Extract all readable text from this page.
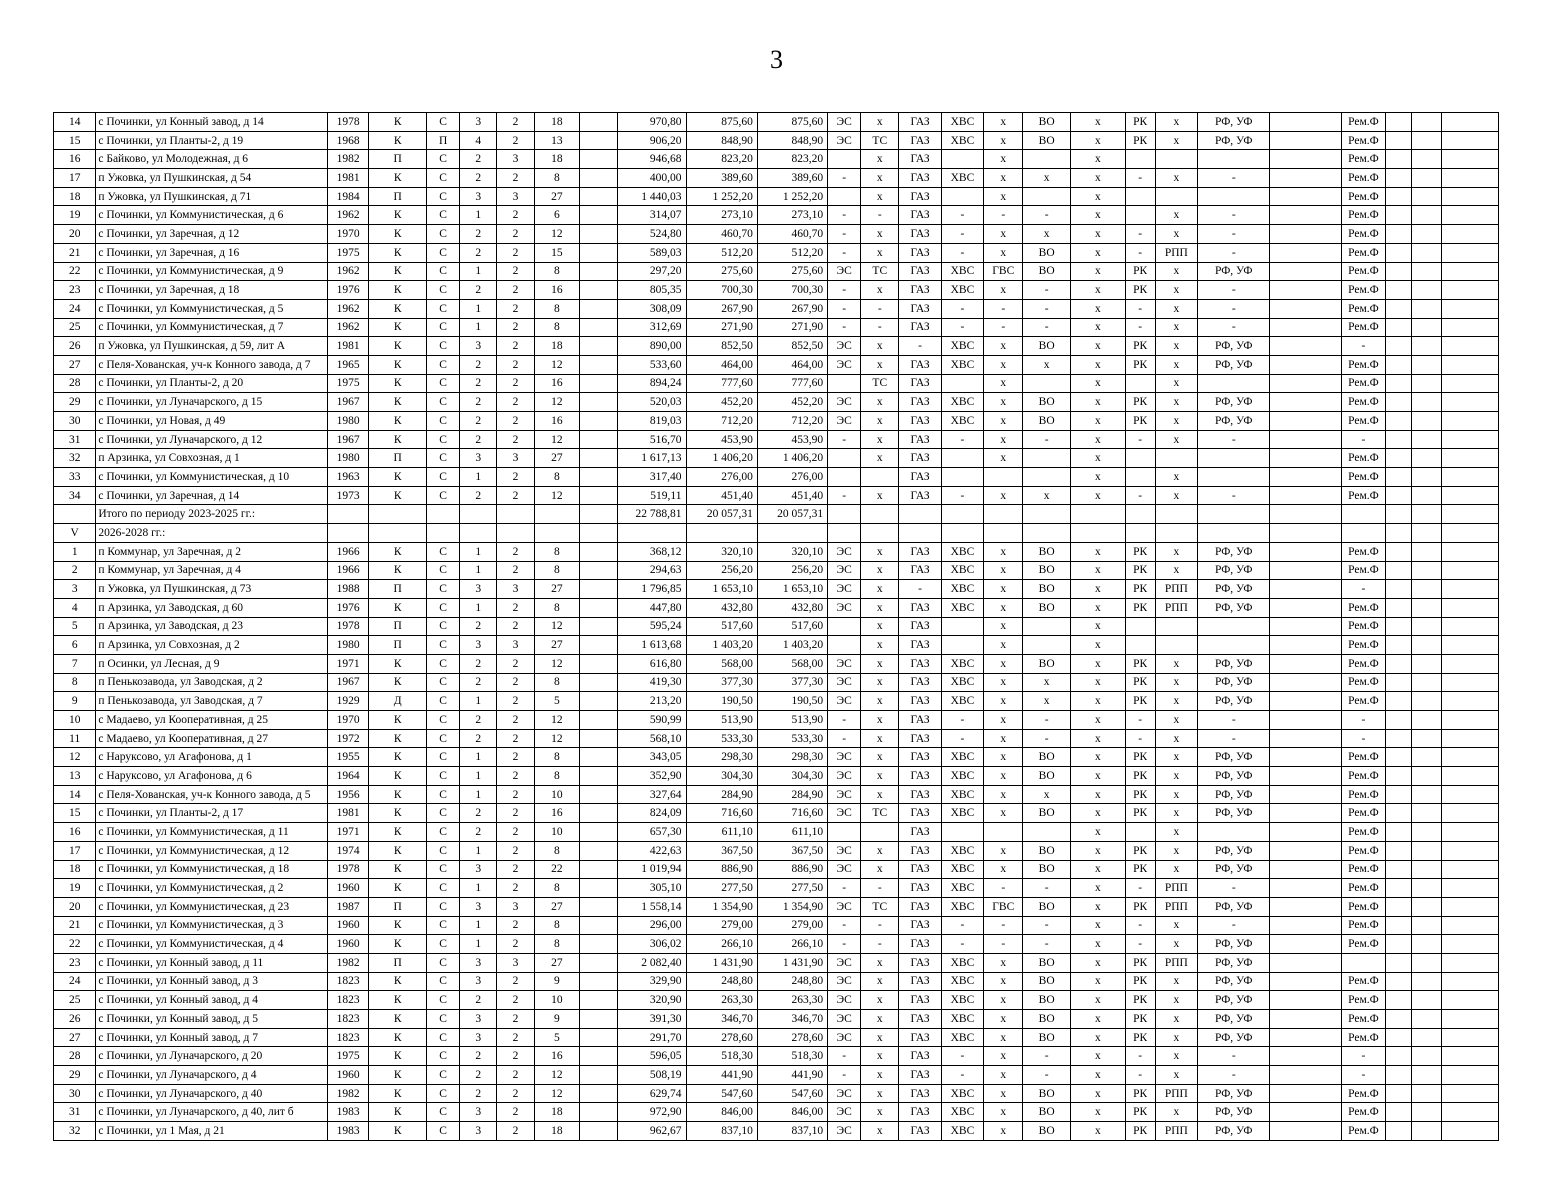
3
14	с Починки, ул Конный завод, д 14	1978	К	С	3	2	18		970,80	875,60	875,60	ЭС	х	ГАЗ	ХВС	х	ВО	х	РК	х	РФ, УФ		Рем.Ф			
15	с Починки, ул Планты-2, д 19	1968	К	П	4	2	13		906,20	848,90	848,90	ЭС	ТС	ГАЗ	ХВС	х	ВО	х	РК	х	РФ, УФ		Рем.Ф			
16	с Байково, ул Молодежная, д 6	1982	П	С	2	3	18		946,68	823,20	823,20		х	ГАЗ		х		х					Рем.Ф			
17	п Ужовка, ул Пушкинская, д 54	1981	К	С	2	2	8		400,00	389,60	389,60	-	х	ГАЗ	ХВС	х	х	х	-	х	-		Рем.Ф			
18	п Ужовка, ул Пушкинская, д 71	1984	П	С	3	3	27		1 440,03	1 252,20	1 252,20		х	ГАЗ		х		х					Рем.Ф			
19	с Починки, ул Коммунистическая, д 6	1962	К	С	1	2	6		314,07	273,10	273,10	-	-	ГАЗ	-	-	-	х		х	-		Рем.Ф			
20	с Починки, ул Заречная, д 12	1970	К	С	2	2	12		524,80	460,70	460,70	-	х	ГАЗ	-	х	х	х	-	х	-		Рем.Ф			
21	с Починки, ул Заречная, д 16	1975	К	С	2	2	15		589,03	512,20	512,20	-	х	ГАЗ	-	х	ВО	х	-	РПП	-		Рем.Ф			
22	с Починки, ул Коммунистическая, д 9	1962	К	С	1	2	8		297,20	275,60	275,60	ЭС	ТС	ГАЗ	ХВС	ГВС	ВО	х	РК	х	РФ, УФ		Рем.Ф			
23	с Починки, ул Заречная, д 18	1976	К	С	2	2	16		805,35	700,30	700,30	-	х	ГАЗ	ХВС	х	-	х	РК	х	-		Рем.Ф			
24	с Починки, ул Коммунистическая, д 5	1962	К	С	1	2	8		308,09	267,90	267,90	-	-	ГАЗ	-	-	-	х	-	х	-		Рем.Ф			
25	с Починки, ул Коммунистическая, д 7	1962	К	С	1	2	8		312,69	271,90	271,90	-	-	ГАЗ	-	-	-	х	-	х	-		Рем.Ф			
26	п Ужовка, ул Пушкинская, д 59, лит А	1981	К	С	3	2	18		890,00	852,50	852,50	ЭС	х	-	ХВС	х	ВО	х	РК	х	РФ, УФ		-			
27	с Пеля-Хованская, уч-к Конного завода, д 7	1965	К	С	2	2	12		533,60	464,00	464,00	ЭС	х	ГАЗ	ХВС	х	х	х	РК	х	РФ, УФ		Рем.Ф			
28	с Починки, ул Планты-2, д 20	1975	К	С	2	2	16		894,24	777,60	777,60		ТС	ГАЗ		х		х		х			Рем.Ф			
29	с Починки, ул Луначарского, д 15	1967	К	С	2	2	12		520,03	452,20	452,20	ЭС	х	ГАЗ	ХВС	х	ВО	х	РК	х	РФ, УФ		Рем.Ф			
30	с Починки, ул Новая, д 49	1980	К	С	2	2	16		819,03	712,20	712,20	ЭС	х	ГАЗ	ХВС	х	ВО	х	РК	х	РФ, УФ		Рем.Ф			
31	с Починки, ул Луначарского, д 12	1967	К	С	2	2	12		516,70	453,90	453,90	-	х	ГАЗ	-	х	-	х	-	х	-		-			
32	п Арзинка, ул Совхозная, д 1	1980	П	С	3	3	27		1 617,13	1 406,20	1 406,20		х	ГАЗ		х		х					Рем.Ф			
33	с Починки, ул Коммунистическая, д 10	1963	К	С	1	2	8		317,40	276,00	276,00			ГАЗ				х		х			Рем.Ф			
34	с Починки, ул Заречная, д 14	1973	К	С	2	2	12		519,11	451,40	451,40	-	х	ГАЗ	-	х	х	х	-	х	-		Рем.Ф			
	Итого по периоду 2023-2025 гг.:								22 788,81	20 057,31	20 057,31															
V	2026-2028 гг.:																									
1	п Коммунар, ул Заречная, д 2	1966	К	С	1	2	8		368,12	320,10	320,10	ЭС	х	ГАЗ	ХВС	х	ВО	х	РК	х	РФ, УФ		Рем.Ф			
2	п Коммунар, ул Заречная, д 4	1966	К	С	1	2	8		294,63	256,20	256,20	ЭС	х	ГАЗ	ХВС	х	ВО	х	РК	х	РФ, УФ		Рем.Ф			
3	п Ужовка, ул Пушкинская, д 73	1988	П	С	3	3	27		1 796,85	1 653,10	1 653,10	ЭС	х	-	ХВС	х	ВО	х	РК	РПП	РФ, УФ		-			
4	п Арзинка, ул Заводская, д 60	1976	К	С	1	2	8		447,80	432,80	432,80	ЭС	х	ГАЗ	ХВС	х	ВО	х	РК	РПП	РФ, УФ		Рем.Ф			
5	п Арзинка, ул Заводская, д 23	1978	П	С	2	2	12		595,24	517,60	517,60		х	ГАЗ		х		х					Рем.Ф			
6	п Арзинка, ул Совхозная, д 2	1980	П	С	3	3	27		1 613,68	1 403,20	1 403,20		х	ГАЗ		х		х					Рем.Ф			
7	п Осинки, ул Лесная, д 9	1971	К	С	2	2	12		616,80	568,00	568,00	ЭС	х	ГАЗ	ХВС	х	ВО	х	РК	х	РФ, УФ		Рем.Ф			
8	п Пенькозавода, ул Заводская, д 2	1967	К	С	2	2	8		419,30	377,30	377,30	ЭС	х	ГАЗ	ХВС	х	х	х	РК	х	РФ, УФ		Рем.Ф			
9	п Пенькозавода, ул Заводская, д 7	1929	Д	С	1	2	5		213,20	190,50	190,50	ЭС	х	ГАЗ	ХВС	х	х	х	РК	х	РФ, УФ		Рем.Ф			
10	с Мадаево, ул Кооперативная, д 25	1970	К	С	2	2	12		590,99	513,90	513,90	-	х	ГАЗ	-	х	-	х	-	х	-		-			
11	с Мадаево, ул Кооперативная, д 27	1972	К	С	2	2	12		568,10	533,30	533,30	-	х	ГАЗ	-	х	-	х	-	х	-		-			
12	с Наруксово, ул Агафонова, д 1	1955	К	С	1	2	8		343,05	298,30	298,30	ЭС	х	ГАЗ	ХВС	х	ВО	х	РК	х	РФ, УФ		Рем.Ф			
13	с Наруксово, ул Агафонова, д 6	1964	К	С	1	2	8		352,90	304,30	304,30	ЭС	х	ГАЗ	ХВС	х	ВО	х	РК	х	РФ, УФ		Рем.Ф			
14	с Пеля-Хованская, уч-к Конного завода, д 5	1956	К	С	1	2	10		327,64	284,90	284,90	ЭС	х	ГАЗ	ХВС	х	х	х	РК	х	РФ, УФ		Рем.Ф			
15	с Починки, ул Планты-2, д 17	1981	К	С	2	2	16		824,09	716,60	716,60	ЭС	ТС	ГАЗ	ХВС	х	ВО	х	РК	х	РФ, УФ		Рем.Ф			
16	с Починки, ул Коммунистическая, д 11	1971	К	С	2	2	10		657,30	611,10	611,10			ГАЗ				х		х			Рем.Ф			
17	с Починки, ул Коммунистическая, д 12	1974	К	С	1	2	8		422,63	367,50	367,50	ЭС	х	ГАЗ	ХВС	х	ВО	х	РК	х	РФ, УФ		Рем.Ф			
18	с Починки, ул Коммунистическая, д 18	1978	К	С	3	2	22		1 019,94	886,90	886,90	ЭС	х	ГАЗ	ХВС	х	ВО	х	РК	х	РФ, УФ		Рем.Ф			
19	с Починки, ул Коммунистическая, д 2	1960	К	С	1	2	8		305,10	277,50	277,50	-	-	ГАЗ	ХВС	-	-	х	-	РПП	-		Рем.Ф			
20	с Починки, ул Коммунистическая, д 23	1987	П	С	3	3	27		1 558,14	1 354,90	1 354,90	ЭС	ТС	ГАЗ	ХВС	ГВС	ВО	х	РК	РПП	РФ, УФ		Рем.Ф			
21	с Починки, ул Коммунистическая, д 3	1960	К	С	1	2	8		296,00	279,00	279,00	-	-	ГАЗ	-	-	-	х	-	х	-		Рем.Ф			
22	с Починки, ул Коммунистическая, д 4	1960	К	С	1	2	8		306,02	266,10	266,10	-	-	ГАЗ	-	-	-	х	-	х	РФ, УФ		Рем.Ф			
23	с Починки, ул Конный завод, д 11	1982	П	С	3	3	27		2 082,40	1 431,90	1 431,90	ЭС	х	ГАЗ	ХВС	х	ВО	х	РК	РПП	РФ, УФ					
24	с Починки, ул Конный завод, д 3	1823	К	С	3	2	9		329,90	248,80	248,80	ЭС	х	ГАЗ	ХВС	х	ВО	х	РК	х	РФ, УФ		Рем.Ф			
25	с Починки, ул Конный завод, д 4	1823	К	С	2	2	10		320,90	263,30	263,30	ЭС	х	ГАЗ	ХВС	х	ВО	х	РК	х	РФ, УФ		Рем.Ф			
26	с Починки, ул Конный завод, д 5	1823	К	С	3	2	9		391,30	346,70	346,70	ЭС	х	ГАЗ	ХВС	х	ВО	х	РК	х	РФ, УФ		Рем.Ф			
27	с Починки, ул Конный завод, д 7	1823	К	С	3	2	5		291,70	278,60	278,60	ЭС	х	ГАЗ	ХВС	х	ВО	х	РК	х	РФ, УФ		Рем.Ф			
28	с Починки, ул Луначарского, д 20	1975	К	С	2	2	16		596,05	518,30	518,30	-	х	ГАЗ	-	х	-	х	-	х	-		-			
29	с Починки, ул Луначарского, д 4	1960	К	С	2	2	12		508,19	441,90	441,90	-	х	ГАЗ	-	х	-	х	-	х	-		-			
30	с Починки, ул Луначарского, д 40	1982	К	С	2	2	12		629,74	547,60	547,60	ЭС	х	ГАЗ	ХВС	х	ВО	х	РК	РПП	РФ, УФ		Рем.Ф			
31	с Починки, ул Луначарского, д 40, лит б	1983	К	С	3	2	18		972,90	846,00	846,00	ЭС	х	ГАЗ	ХВС	х	ВО	х	РК	х	РФ, УФ		Рем.Ф			
32	с Починки, ул 1 Мая, д 21	1983	К	С	3	2	18		962,67	837,10	837,10	ЭС	х	ГАЗ	ХВС	х	ВО	х	РК	РПП	РФ, УФ		Рем.Ф			
